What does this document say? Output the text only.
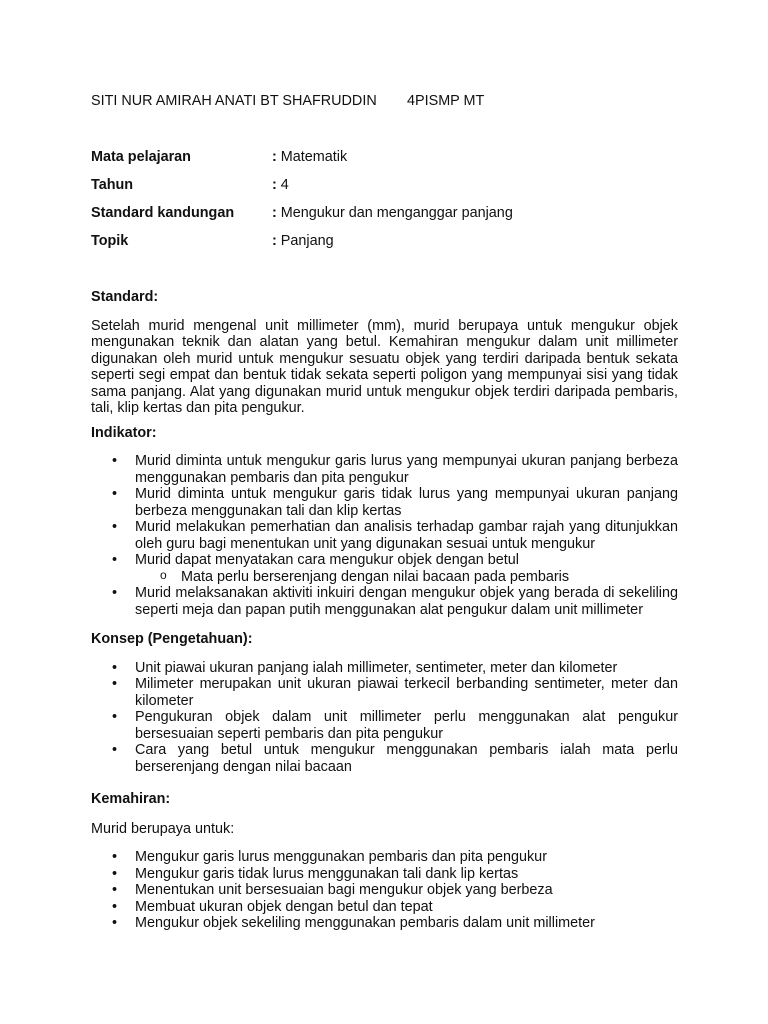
SITI NUR AMIRAH ANATI BT SHAFRUDDIN 4PISMP MT
Mata pelajaran	: Matematik
Tahun	: 4
Standard kandungan	: Mengukur dan menganggar panjang
Topik	: Panjang

Standard:

Setelah murid mengenal unit millimeter (mm), murid berupaya untuk mengukur objek mengunakan teknik dan alatan yang betul. Kemahiran mengukur dalam unit millimeter digunakan oleh murid untuk mengukur sesuatu objek yang terdiri daripada bentuk sekata seperti segi empat dan bentuk tidak sekata seperti poligon yang mempunyai sisi yang tidak sama panjang. Alat yang digunakan murid untuk mengukur objek terdiri daripada pembaris, tali, klip kertas dan pita pengukur.

Indikator:

• Murid diminta untuk mengukur garis lurus yang mempunyai ukuran panjang berbeza menggunakan pembaris dan pita pengukur
• Murid diminta untuk mengukur garis tidak lurus yang mempunyai ukuran panjang berbeza menggunakan tali dan klip kertas
• Murid melakukan pemerhatian dan analisis terhadap gambar rajah yang ditunjukkan oleh guru bagi menentukan unit yang digunakan sesuai untuk mengukur
• Murid dapat menyatakan cara mengukur objek dengan betul
o Mata perlu berserenjang dengan nilai bacaan pada pembaris
• Murid melaksanakan aktiviti inkuiri dengan mengukur objek yang berada di sekeliling seperti meja dan papan putih menggunakan alat pengukur dalam unit millimeter

Konsep (Pengetahuan):

• Unit piawai ukuran panjang ialah millimeter, sentimeter, meter dan kilometer
• Milimeter merupakan unit ukuran piawai terkecil berbanding sentimeter, meter dan kilometer
• Pengukuran objek dalam unit millimeter perlu menggunakan alat pengukur bersesuaian seperti pembaris dan pita pengukur
• Cara yang betul untuk mengukur menggunakan pembaris ialah mata perlu berserenjang dengan nilai bacaan

Kemahiran:

Murid berupaya untuk:

• Mengukur garis lurus menggunakan pembaris dan pita pengukur
• Mengukur garis tidak lurus menggunakan tali dank lip kertas
• Menentukan unit bersesuaian bagi mengukur objek yang berbeza
• Membuat ukuran objek dengan betul dan tepat
• Mengukur objek sekeliling menggunakan pembaris dalam unit millimeter
